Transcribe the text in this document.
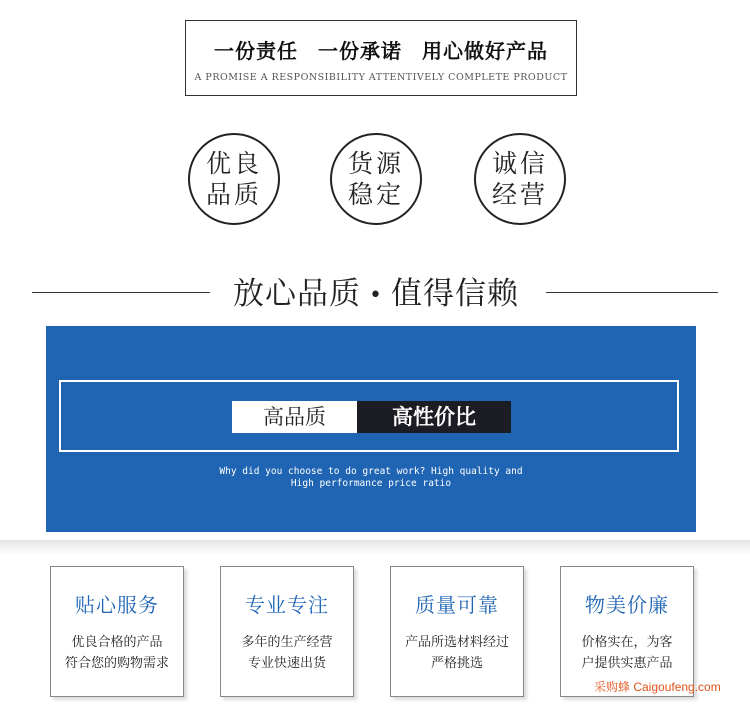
一份责任 一份承诺 用心做好产品
A PROMISE A RESPONSIBILITY ATTENTIVELY COMPLETE PRODUCT
优良
品质
货源
稳定
诚信
经营
放心品质 • 值得信赖
高品质	高性价比
Why did you choose to do great work? High quality and
High performance price ratio
贴心服务
优良合格的产品
符合您的购物需求
专业专注
多年的生产经营
专业快速出货
质量可靠
产品所选材料经过
严格挑选
物美价廉
价格实在，为客
户提供实惠产品
采购蜂 Caigoufeng.com
